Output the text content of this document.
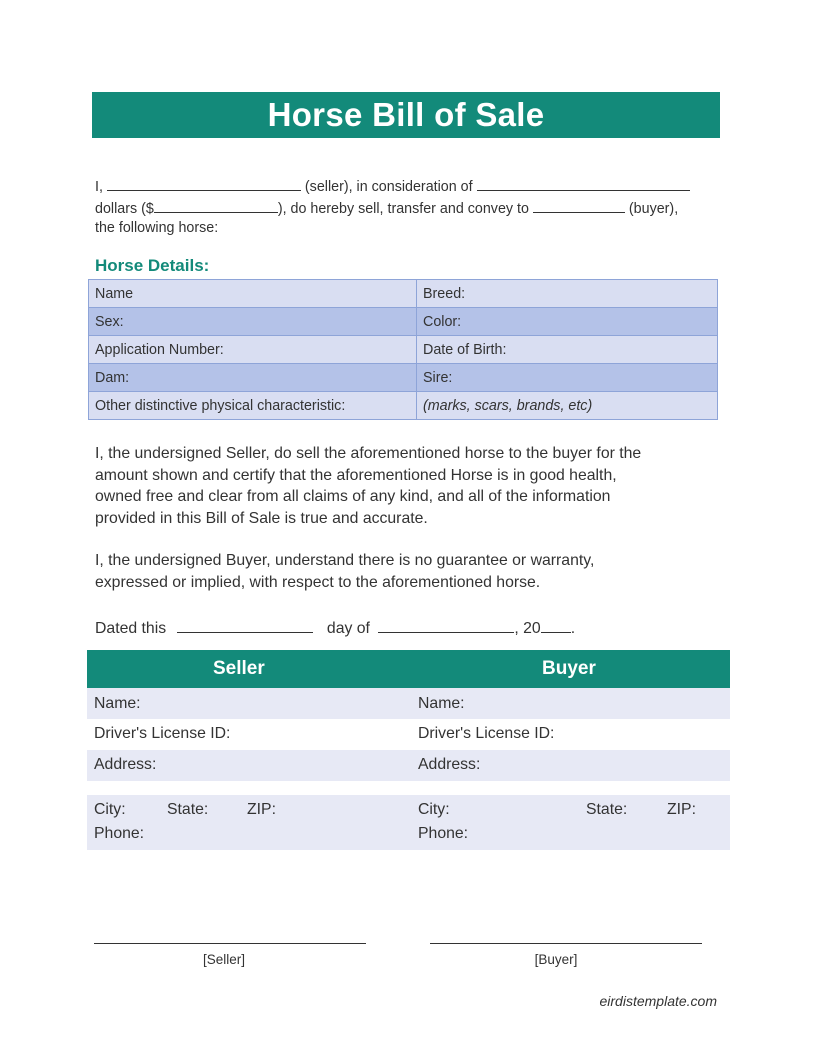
Horse Bill of Sale
I,	(seller), in consideration of
dollars ($	), do hereby sell, transfer and convey to	(buyer),
the following horse:
Horse Details:
Name	Breed:
Sex:	Color:
Application Number:	Date of Birth:
Dam:	Sire:
Other distinctive physical characteristic:	(marks, scars, brands, etc)
I, the undersigned Seller, do sell the aforementioned horse to the buyer for the
amount shown and certify that the aforementioned Horse is in good health,
owned free and clear from all claims of any kind, and all of the information
provided in this Bill of Sale is true and accurate.
I, the undersigned Buyer, understand there is no guarantee or warranty,
expressed or implied, with respect to the aforementioned horse.
Dated this	day of	, 20 .
Seller	Buyer
Name:	Name:
Driver's License ID:	Driver's License ID:
Address:	Address:
City:	State: ZIP:	City:	State:	ZIP:
Phone:	Phone:
[Seller]	[Buyer]
eirdistemplate.com
